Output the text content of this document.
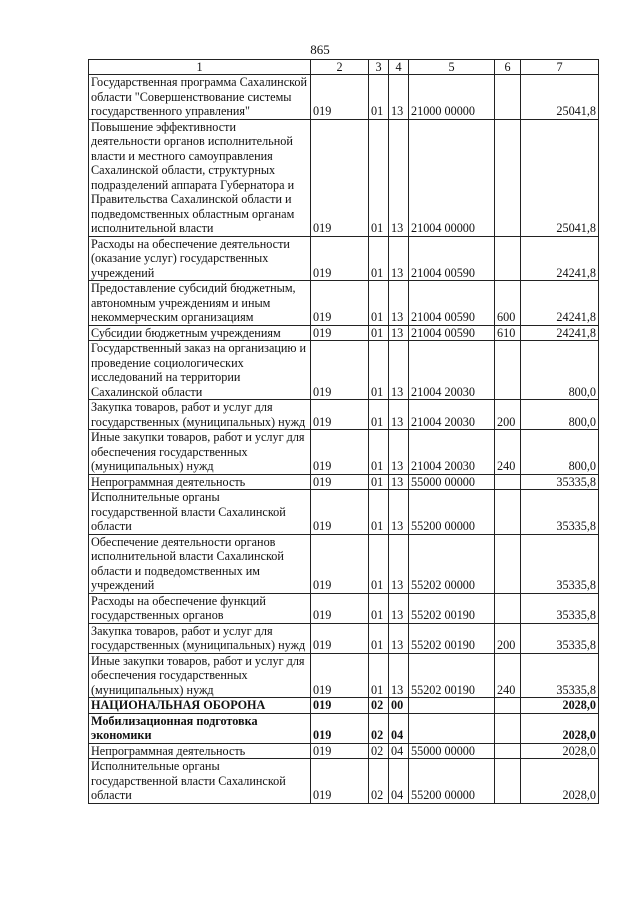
865
1	2	3	4	5	6	7
Государственная программа Сахалинской области "Совершенствование системы государственного управления"	019	01	13	21000 00000		25041,8
Повышение эффективности деятельности органов исполнительной власти и местного самоуправления Сахалинской области, структурных подразделений аппарата Губернатора и Правительства Сахалинской области и подведомственных областным органам исполнительной власти	019	01	13	21004 00000		25041,8
Расходы на обеспечение деятельности (оказание услуг) государственных учреждений	019	01	13	21004 00590		24241,8
Предоставление субсидий бюджетным, автономным учреждениям и иным некоммерческим организациям	019	01	13	21004 00590	600	24241,8
Субсидии бюджетным учреждениям	019	01	13	21004 00590	610	24241,8
Государственный заказ на организацию и проведение социологических исследований на территории Сахалинской области	019	01	13	21004 20030		800,0
Закупка товаров, работ и услуг для государственных (муниципальных) нужд	019	01	13	21004 20030	200	800,0
Иные закупки товаров, работ и услуг для обеспечения государственных (муниципальных) нужд	019	01	13	21004 20030	240	800,0
Непрограммная деятельность	019	01	13	55000 00000		35335,8
Исполнительные органы государственной власти Сахалинской области	019	01	13	55200 00000		35335,8
Обеспечение деятельности органов исполнительной власти Сахалинской области и подведомственных им учреждений	019	01	13	55202 00000		35335,8
Расходы на обеспечение функций государственных органов	019	01	13	55202 00190		35335,8
Закупка товаров, работ и услуг для государственных (муниципальных) нужд	019	01	13	55202 00190	200	35335,8
Иные закупки товаров, работ и услуг для обеспечения государственных (муниципальных) нужд	019	01	13	55202 00190	240	35335,8
НАЦИОНАЛЬНАЯ ОБОРОНА	019	02	00			2028,0
Мобилизационная подготовка экономики	019	02	04			2028,0
Непрограммная деятельность	019	02	04	55000 00000		2028,0
Исполнительные органы государственной власти Сахалинской области	019	02	04	55200 00000		2028,0
